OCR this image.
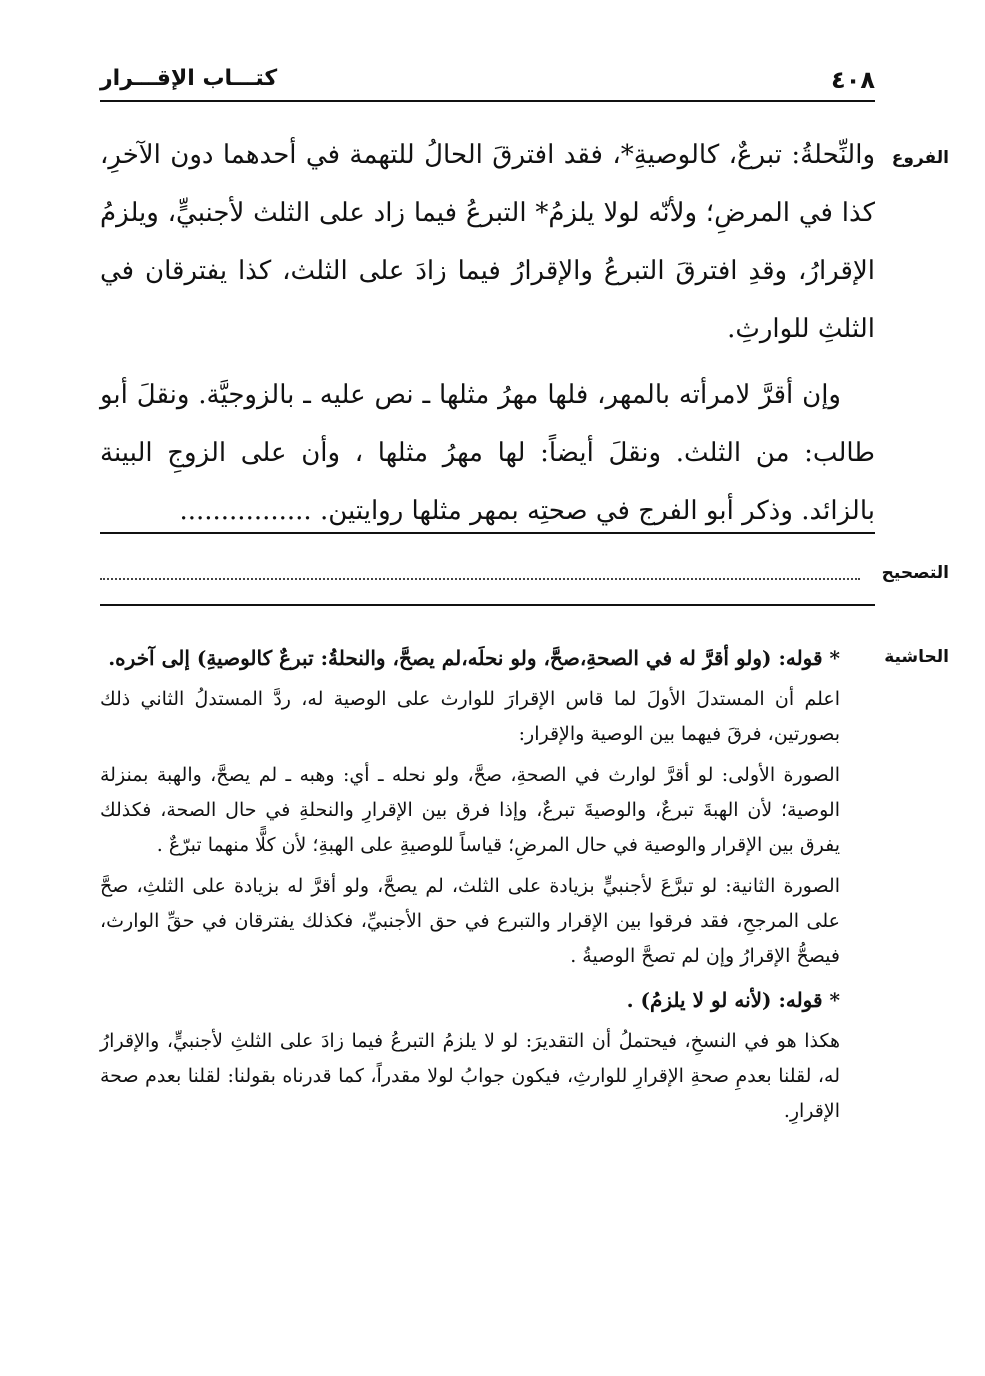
٤٠٨
كتـــاب الإقـــرار
الفروع

والنِّحلةُ: تبرعٌ، كالوصيةِ*، فقد افترقَ الحالُ للتهمة في أحدهما دون الآخرِ، كذا في المرضِ؛ ولأنّه لولا يلزمُ* التبرعُ فيما زاد على الثلث لأجنبيٍّ، ويلزمُ الإقرارُ، وقدِ افترقَ التبرعُ والإقرارُ فيما زادَ على الثلث، كذا يفترقان في الثلثِ للوارثِ.

وإن أقرَّ لامرأته بالمهر، فلها مهرُ مثلها ـ نص عليه ـ بالزوجيَّة. ونقلَ أبو طالب: من الثلث. ونقلَ أيضاً: لها مهرُ مثلها ، وأن على الزوجِ البينة بالزائد. وذكر أبو الفرج في صحتِه بمهر مثلها روايتين. ................

التصحيح
الحاشية

* قوله: (ولو أقرَّ له في الصحةِ،صحَّ، ولو نحلَه،لم يصحَّ، والنحلةُ: تبرعٌ كالوصيةِ) إلى آخره.

اعلم أن المستدلَ الأولَ لما قاس الإقرارَ للوارث على الوصية له، ردَّ المستدلُ الثاني ذلك بصورتين، فرقَ فيهما بين الوصية والإقرار:

الصورة الأولى: لو أقرَّ لوارث في الصحةِ، صحَّ، ولو نحله ـ أي: وهبه ـ لم يصحَّ، والهبة بمنزلة الوصية؛ لأن الهبةَ تبرعٌ، والوصيةَ تبرعٌ، وإذا فرق بين الإقرارِ والنحلةِ في حال الصحة، فكذلك يفرق بين الإقرار والوصية في حال المرضِ؛ قياساً للوصيةِ على الهبةِ؛ لأن كلًّا منهما تبرّعٌ .

الصورة الثانية: لو تبرَّعَ لأجنبيٍّ بزيادة على الثلث، لم يصحَّ، ولو أقرَّ له بزيادة على الثلثِ، صحَّ على المرجحِ، فقد فرقوا بين الإقرار والتبرع في حق الأجنبيِّ، فكذلك يفترقان في حقِّ الوارث، فيصحُّ الإقرارُ وإن لم تصحَّ الوصيةُ .

* قوله: (لأنه لو لا يلزمُ) .

هكذا هو في النسخِ، فيحتملُ أن التقديرَ: لو لا يلزمُ التبرعُ فيما زادَ على الثلثِ لأجنبيٍّ، والإقرارُ له، لقلنا بعدمِ صحةِ الإقرارِ للوارثِ، فيكون جوابُ لولا مقدراً، كما قدرناه بقولنا: لقلنا بعدم صحة الإقرارِ.
